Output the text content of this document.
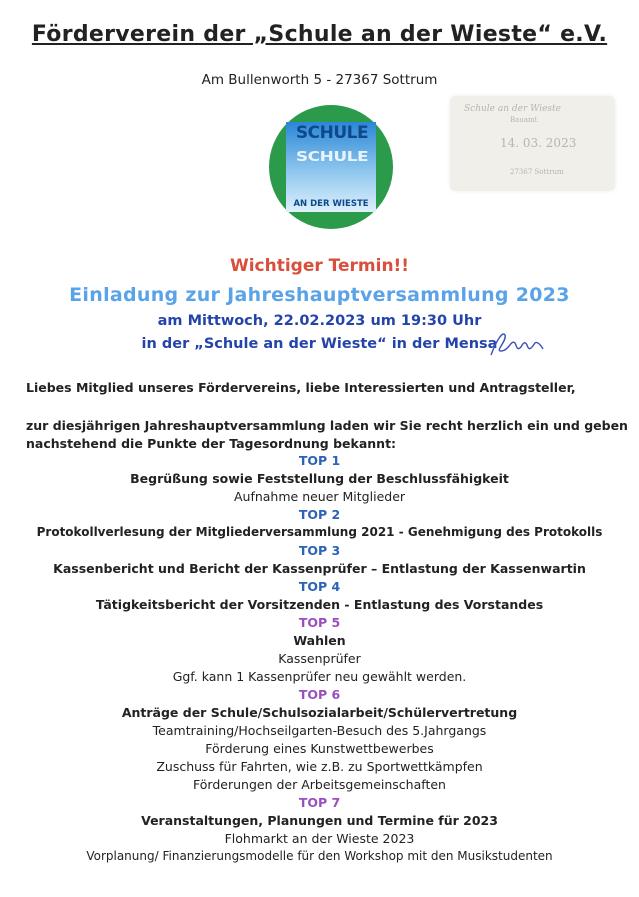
Förderverein der „Schule an der Wieste“ e.V.
Am Bullenworth 5 - 27367 Sottrum
Schule an der Wieste
Bauamt
14. 03. 2023
27367 Sottrum
SCHULE
SCHULE
AN DER WIESTE
Wichtiger Termin!!
Einladung zur Jahreshauptversammlung 2023
am Mittwoch, 22.02.2023 um 19:30 Uhr
in der „Schule an der Wieste“ in der Mensa
Liebes Mitglied unseres Fördervereins, liebe Interessierten und Antragsteller,
zur diesjährigen Jahreshauptversammlung laden wir Sie recht herzlich ein und geben
nachstehend die Punkte der Tagesordnung bekannt:
TOP 1
Begrüßung sowie Feststellung der Beschlussfähigkeit
Aufnahme neuer Mitglieder
TOP 2
Protokollverlesung der Mitgliederversammlung 2021 - Genehmigung des Protokolls
TOP 3
Kassenbericht und Bericht der Kassenprüfer – Entlastung der Kassenwartin
TOP 4
Tätigkeitsbericht der Vorsitzenden - Entlastung des Vorstandes
TOP 5
Wahlen
Kassenprüfer
Ggf. kann 1 Kassenprüfer neu gewählt werden.
TOP 6
Anträge der Schule/Schulsozialarbeit/Schülervertretung
Teamtraining/Hochseilgarten-Besuch des 5.Jahrgangs
Förderung eines Kunstwettbewerbes
Zuschuss für Fahrten, wie z.B. zu Sportwettkämpfen
Förderungen der Arbeitsgemeinschaften
TOP 7
Veranstaltungen, Planungen und Termine für 2023
Flohmarkt an der Wieste 2023
Vorplanung/ Finanzierungsmodelle für den Workshop mit den Musikstudenten
